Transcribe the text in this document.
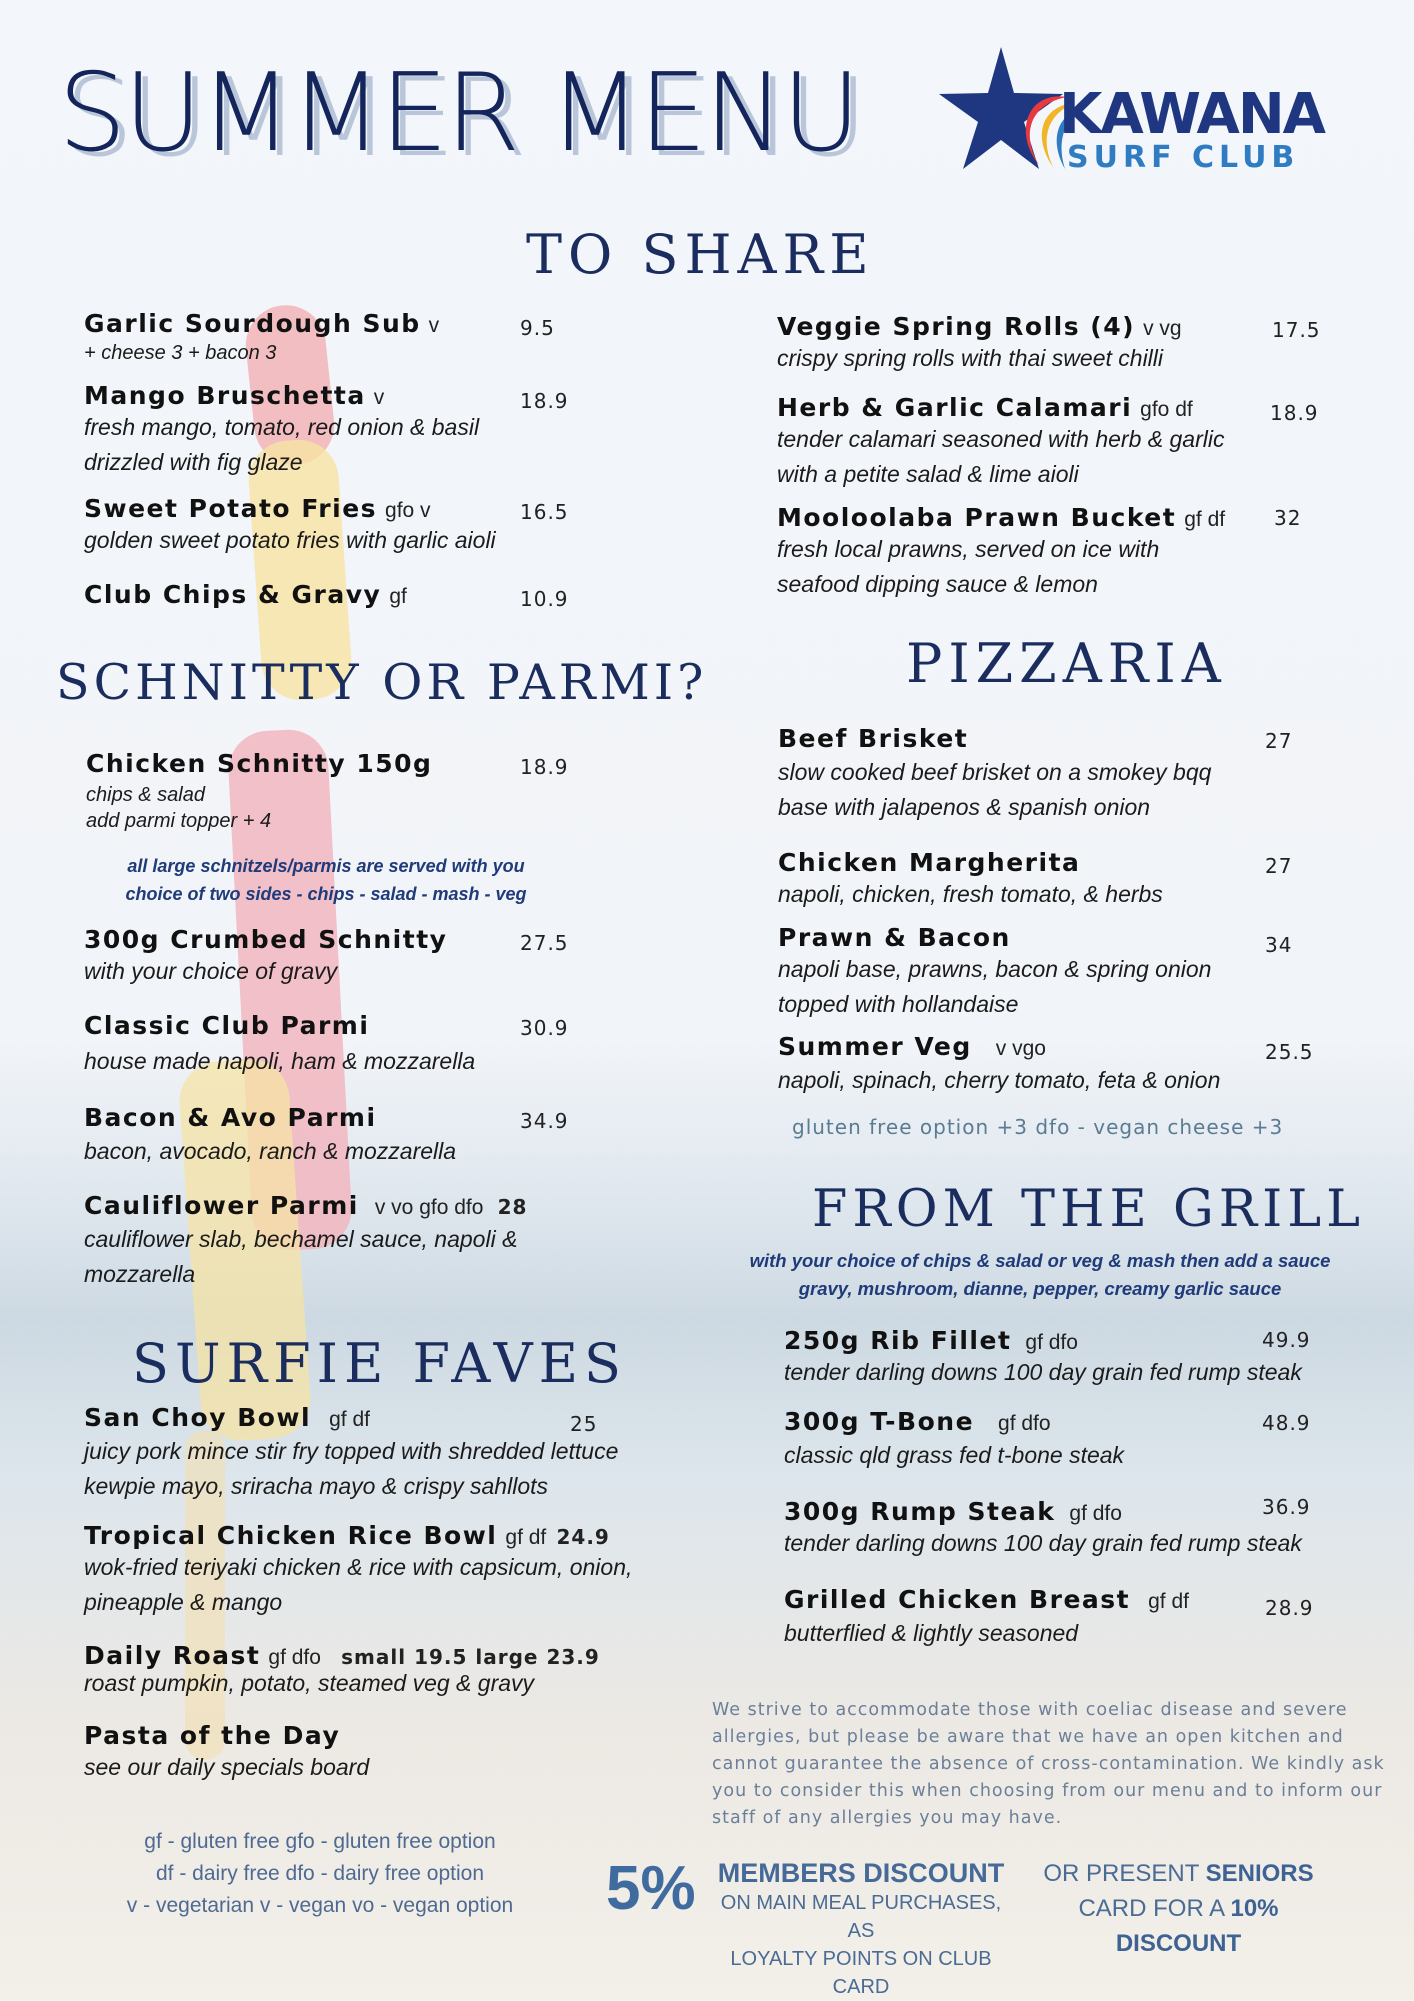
SUMMER MENU	KAWANA
SURF CLUB
TO SHARE
SCHNITTY OR PARMI?
SURFIE FAVES
PIZZARIA
FROM THE GRILL
Garlic Sourdough Sub v
+ cheese 3 + bacon 3
9.5
Mango Bruschetta v
fresh mango, tomato, red onion & basil
drizzled with fig glaze
18.9
Sweet Potato Fries gfo v
golden sweet potato fries with garlic aioli
16.5
Club Chips & Gravy gf	10.9
Veggie Spring Rolls (4) v vg
crispy spring rolls with thai sweet chilli
17.5
Herb & Garlic Calamari gfo df
tender calamari seasoned with herb & garlic
with a petite salad & lime aioli
18.9
Mooloolaba Prawn Bucket gf df
fresh local prawns, served on ice with
seafood dipping sauce & lemon
32
Chicken Schnitty 150g
chips & salad
add parmi topper + 4
18.9
all large schnitzels/parmis are served with you
choice of two sides - chips - salad - mash - veg
300g Crumbed Schnitty
with your choice of gravy
27.5
Classic Club Parmi
house made napoli, ham & mozzarella
30.9
Bacon & Avo Parmi
bacon, avocado, ranch & mozzarella
34.9
Cauliflower Parmi v vo gfo dfo 28
cauliflower slab, bechamel sauce, napoli &
mozzarella
San Choy Bowl gf df
juicy pork mince stir fry topped with shredded lettuce
kewpie mayo, sriracha mayo & crispy sahllots
25
Tropical Chicken Rice Bowl gf df 24.9
wok-fried teriyaki chicken & rice with capsicum, onion,
pineapple & mango
Daily Roast gf dfo small 19.5 large 23.9
roast pumpkin, potato, steamed veg & gravy
Pasta of the Day
see our daily specials board
gf - gluten free gfo - gluten free option
df - dairy free dfo - dairy free option
v - vegetarian v - vegan vo - vegan option
Beef Brisket
slow cooked beef brisket on a smokey bqq
base with jalapenos & spanish onion
27
Chicken Margherita
napoli, chicken, fresh tomato, & herbs
27
Prawn & Bacon
napoli base, prawns, bacon & spring onion
topped with hollandaise
34
Summer Veg v vgo
napoli, spinach, cherry tomato, feta & onion
25.5
gluten free option +3 dfo - vegan cheese +3
with your choice of chips & salad or veg & mash then add a sauce
gravy, mushroom, dianne, pepper, creamy garlic sauce
250g Rib Fillet gf dfo
tender darling downs 100 day grain fed rump steak
49.9
300g T-Bone gf dfo
classic qld grass fed t-bone steak
48.9
300g Rump Steak gf dfo
tender darling downs 100 day grain fed rump steak
36.9
Grilled Chicken Breast gf df
butterflied & lightly seasoned
28.9
We strive to accommodate those with coeliac disease and severe allergies, but please be aware that we have an open kitchen and cannot guarantee the absence of cross-contamination. We kindly ask you to consider this when choosing from our menu and to inform our staff of any allergies you may have.
5% MEMBERS DISCOUNT
ON MAIN MEAL PURCHASES, AS
LOYALTY POINTS ON CLUB CARD
OR PRESENT SENIORS
CARD FOR A 10%
DISCOUNT
